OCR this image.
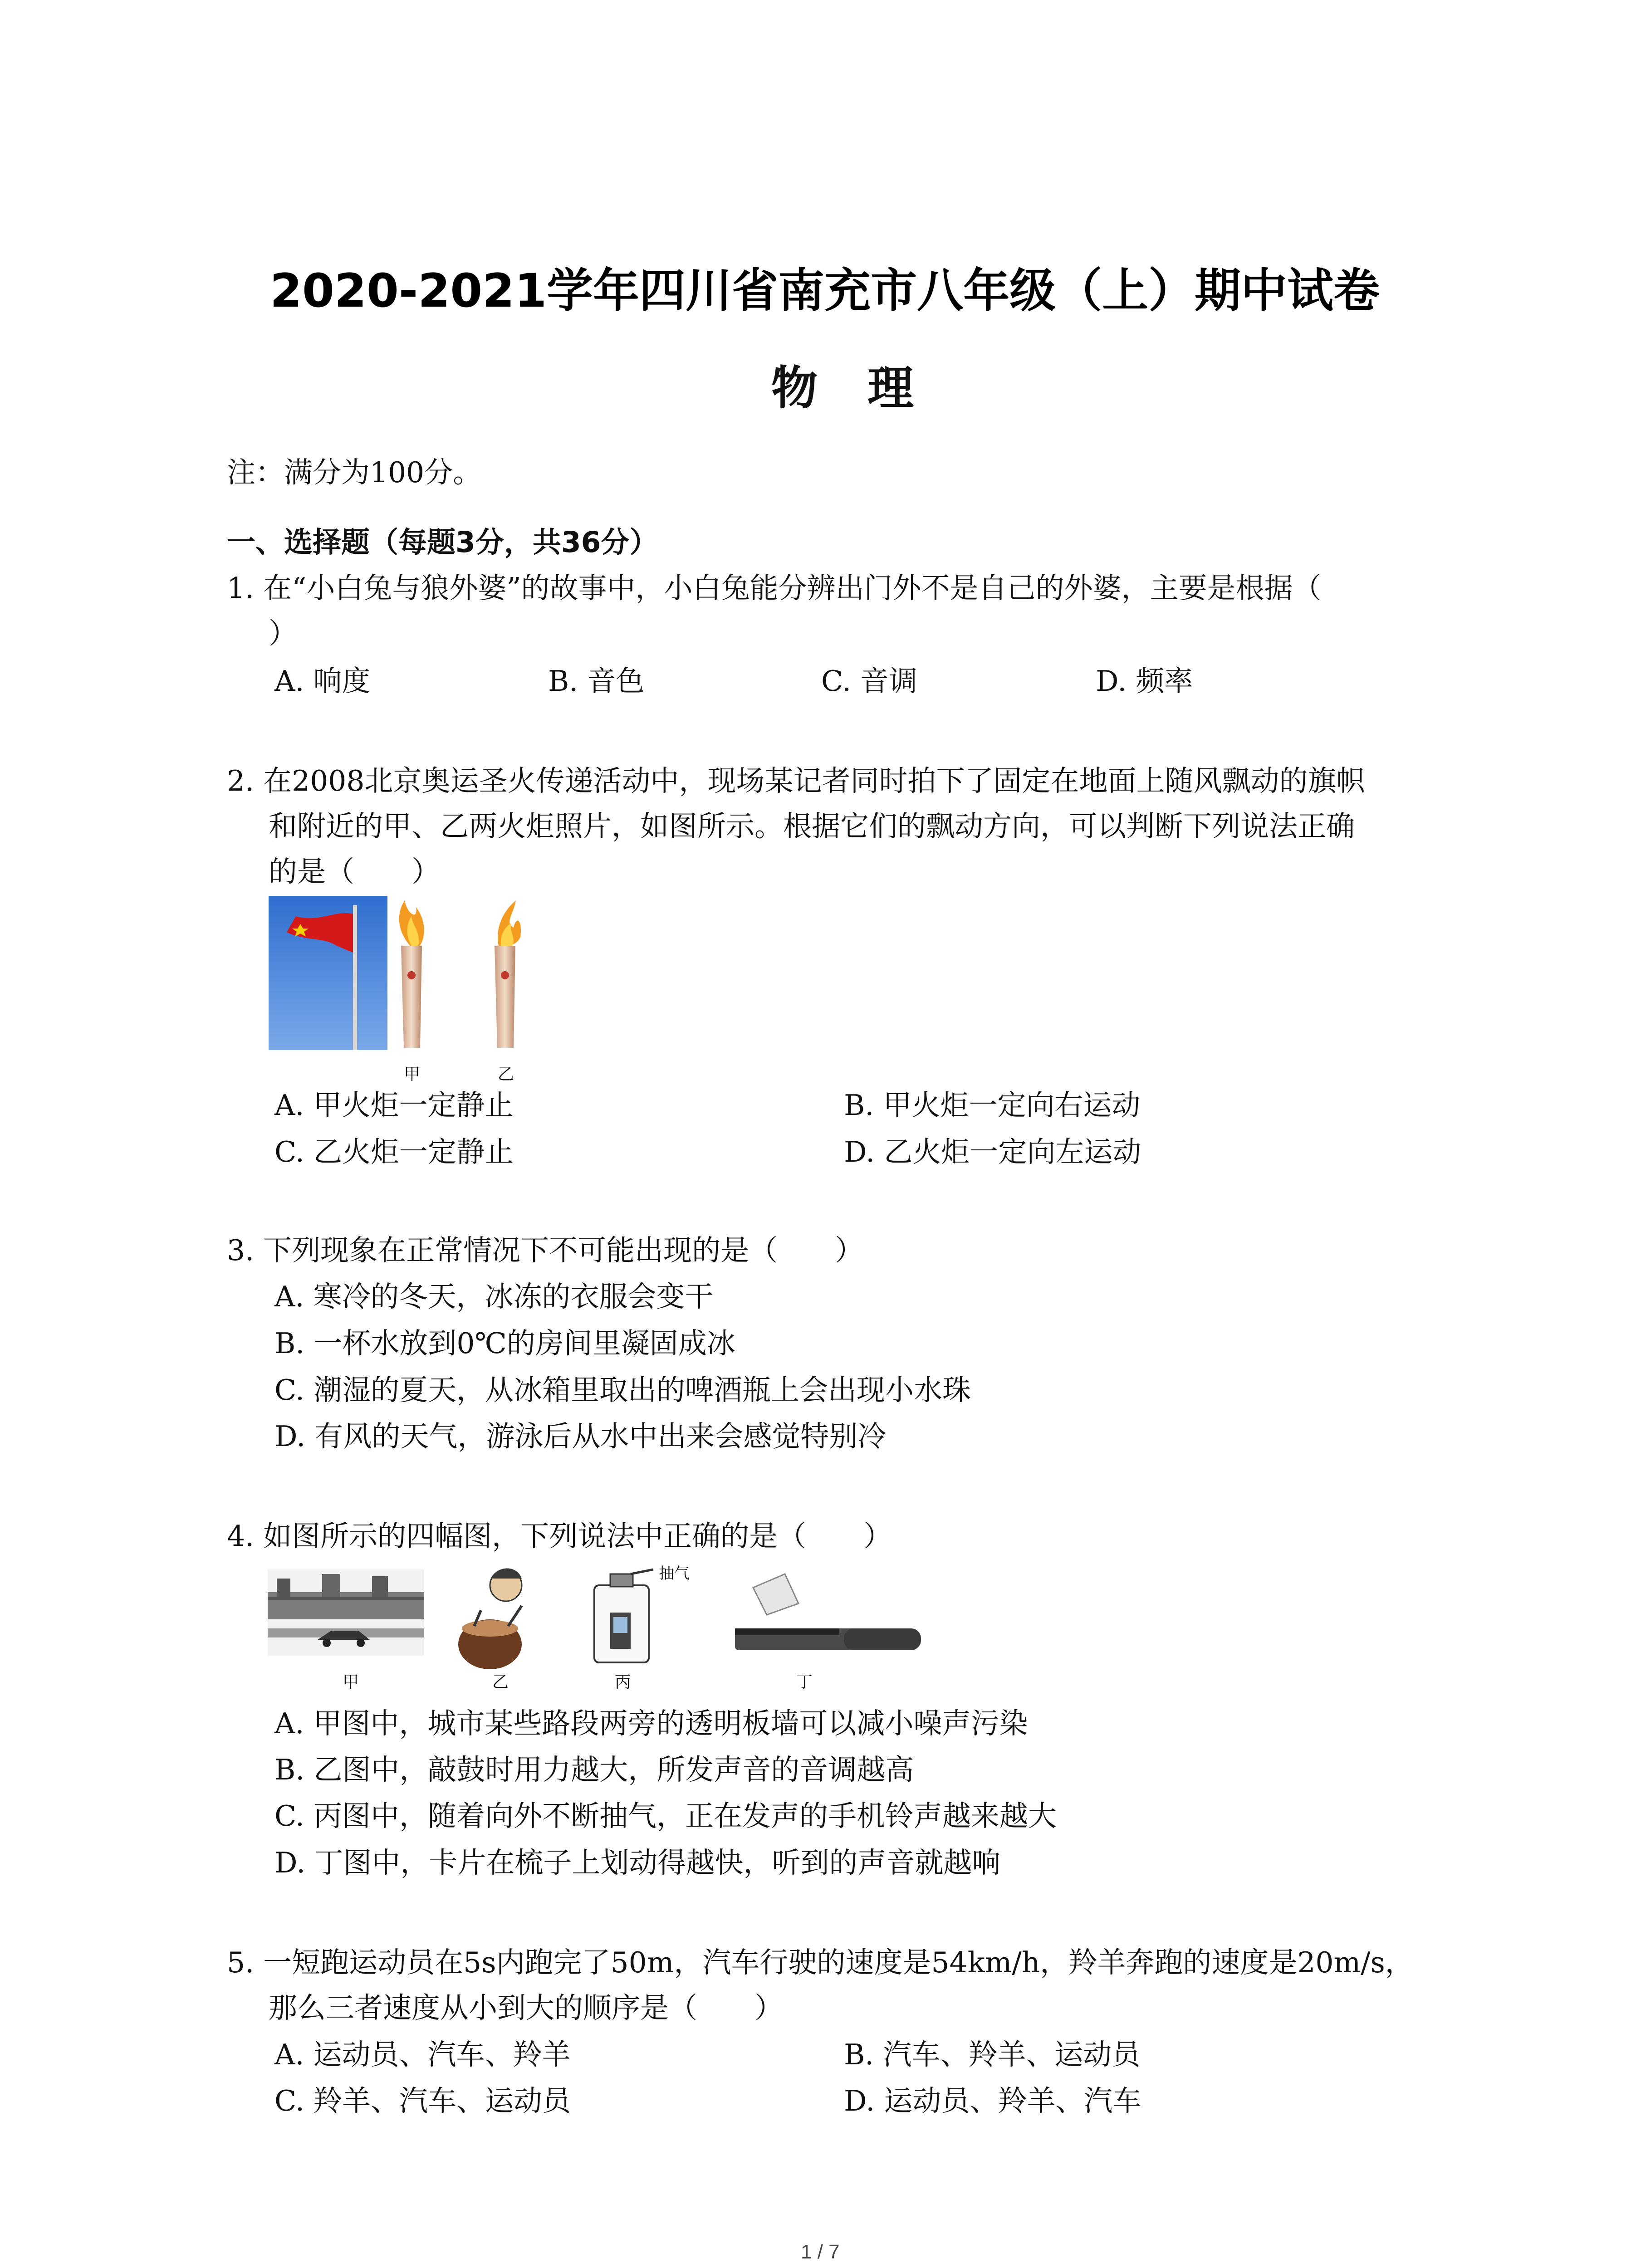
2020-2021学年四川省南充市八年级（上）期中试卷
物理
注：满分为100分。
一、选择题（每题3分，共36分）
1. 在“小白兔与狼外婆”的故事中，小白兔能分辨出门外不是自己的外婆，主要是根据（
）
A. 响度	B. 音色	C. 音调	D. 频率
2. 在2008北京奥运圣火传递活动中，现场某记者同时拍下了固定在地面上随风飘动的旗帜
和附近的甲、乙两火炬照片，如图所示。根据它们的飘动方向，可以判断下列说法正确
的是（　　）
甲	乙
A. 甲火炬一定静止	B. 甲火炬一定向右运动
C. 乙火炬一定静止	D. 乙火炬一定向左运动
3. 下列现象在正常情况下不可能出现的是（　　）
A. 寒冷的冬天，冰冻的衣服会变干
B. 一杯水放到0℃的房间里凝固成冰
C. 潮湿的夏天，从冰箱里取出的啤酒瓶上会出现小水珠
D. 有风的天气，游泳后从水中出来会感觉特别冷
4. 如图所示的四幅图，下列说法中正确的是（　　）
抽气
甲	乙	丙	丁
A. 甲图中，城市某些路段两旁的透明板墙可以减小噪声污染
B. 乙图中，敲鼓时用力越大，所发声音的音调越高
C. 丙图中，随着向外不断抽气，正在发声的手机铃声越来越大
D. 丁图中，卡片在梳子上划动得越快，听到的声音就越响
5. 一短跑运动员在5s内跑完了50m，汽车行驶的速度是54km/h，羚羊奔跑的速度是20m/s，
那么三者速度从小到大的顺序是（　　）
A. 运动员、汽车、羚羊	B. 汽车、羚羊、运动员
C. 羚羊、汽车、运动员	D. 运动员、羚羊、汽车
1 / 7
